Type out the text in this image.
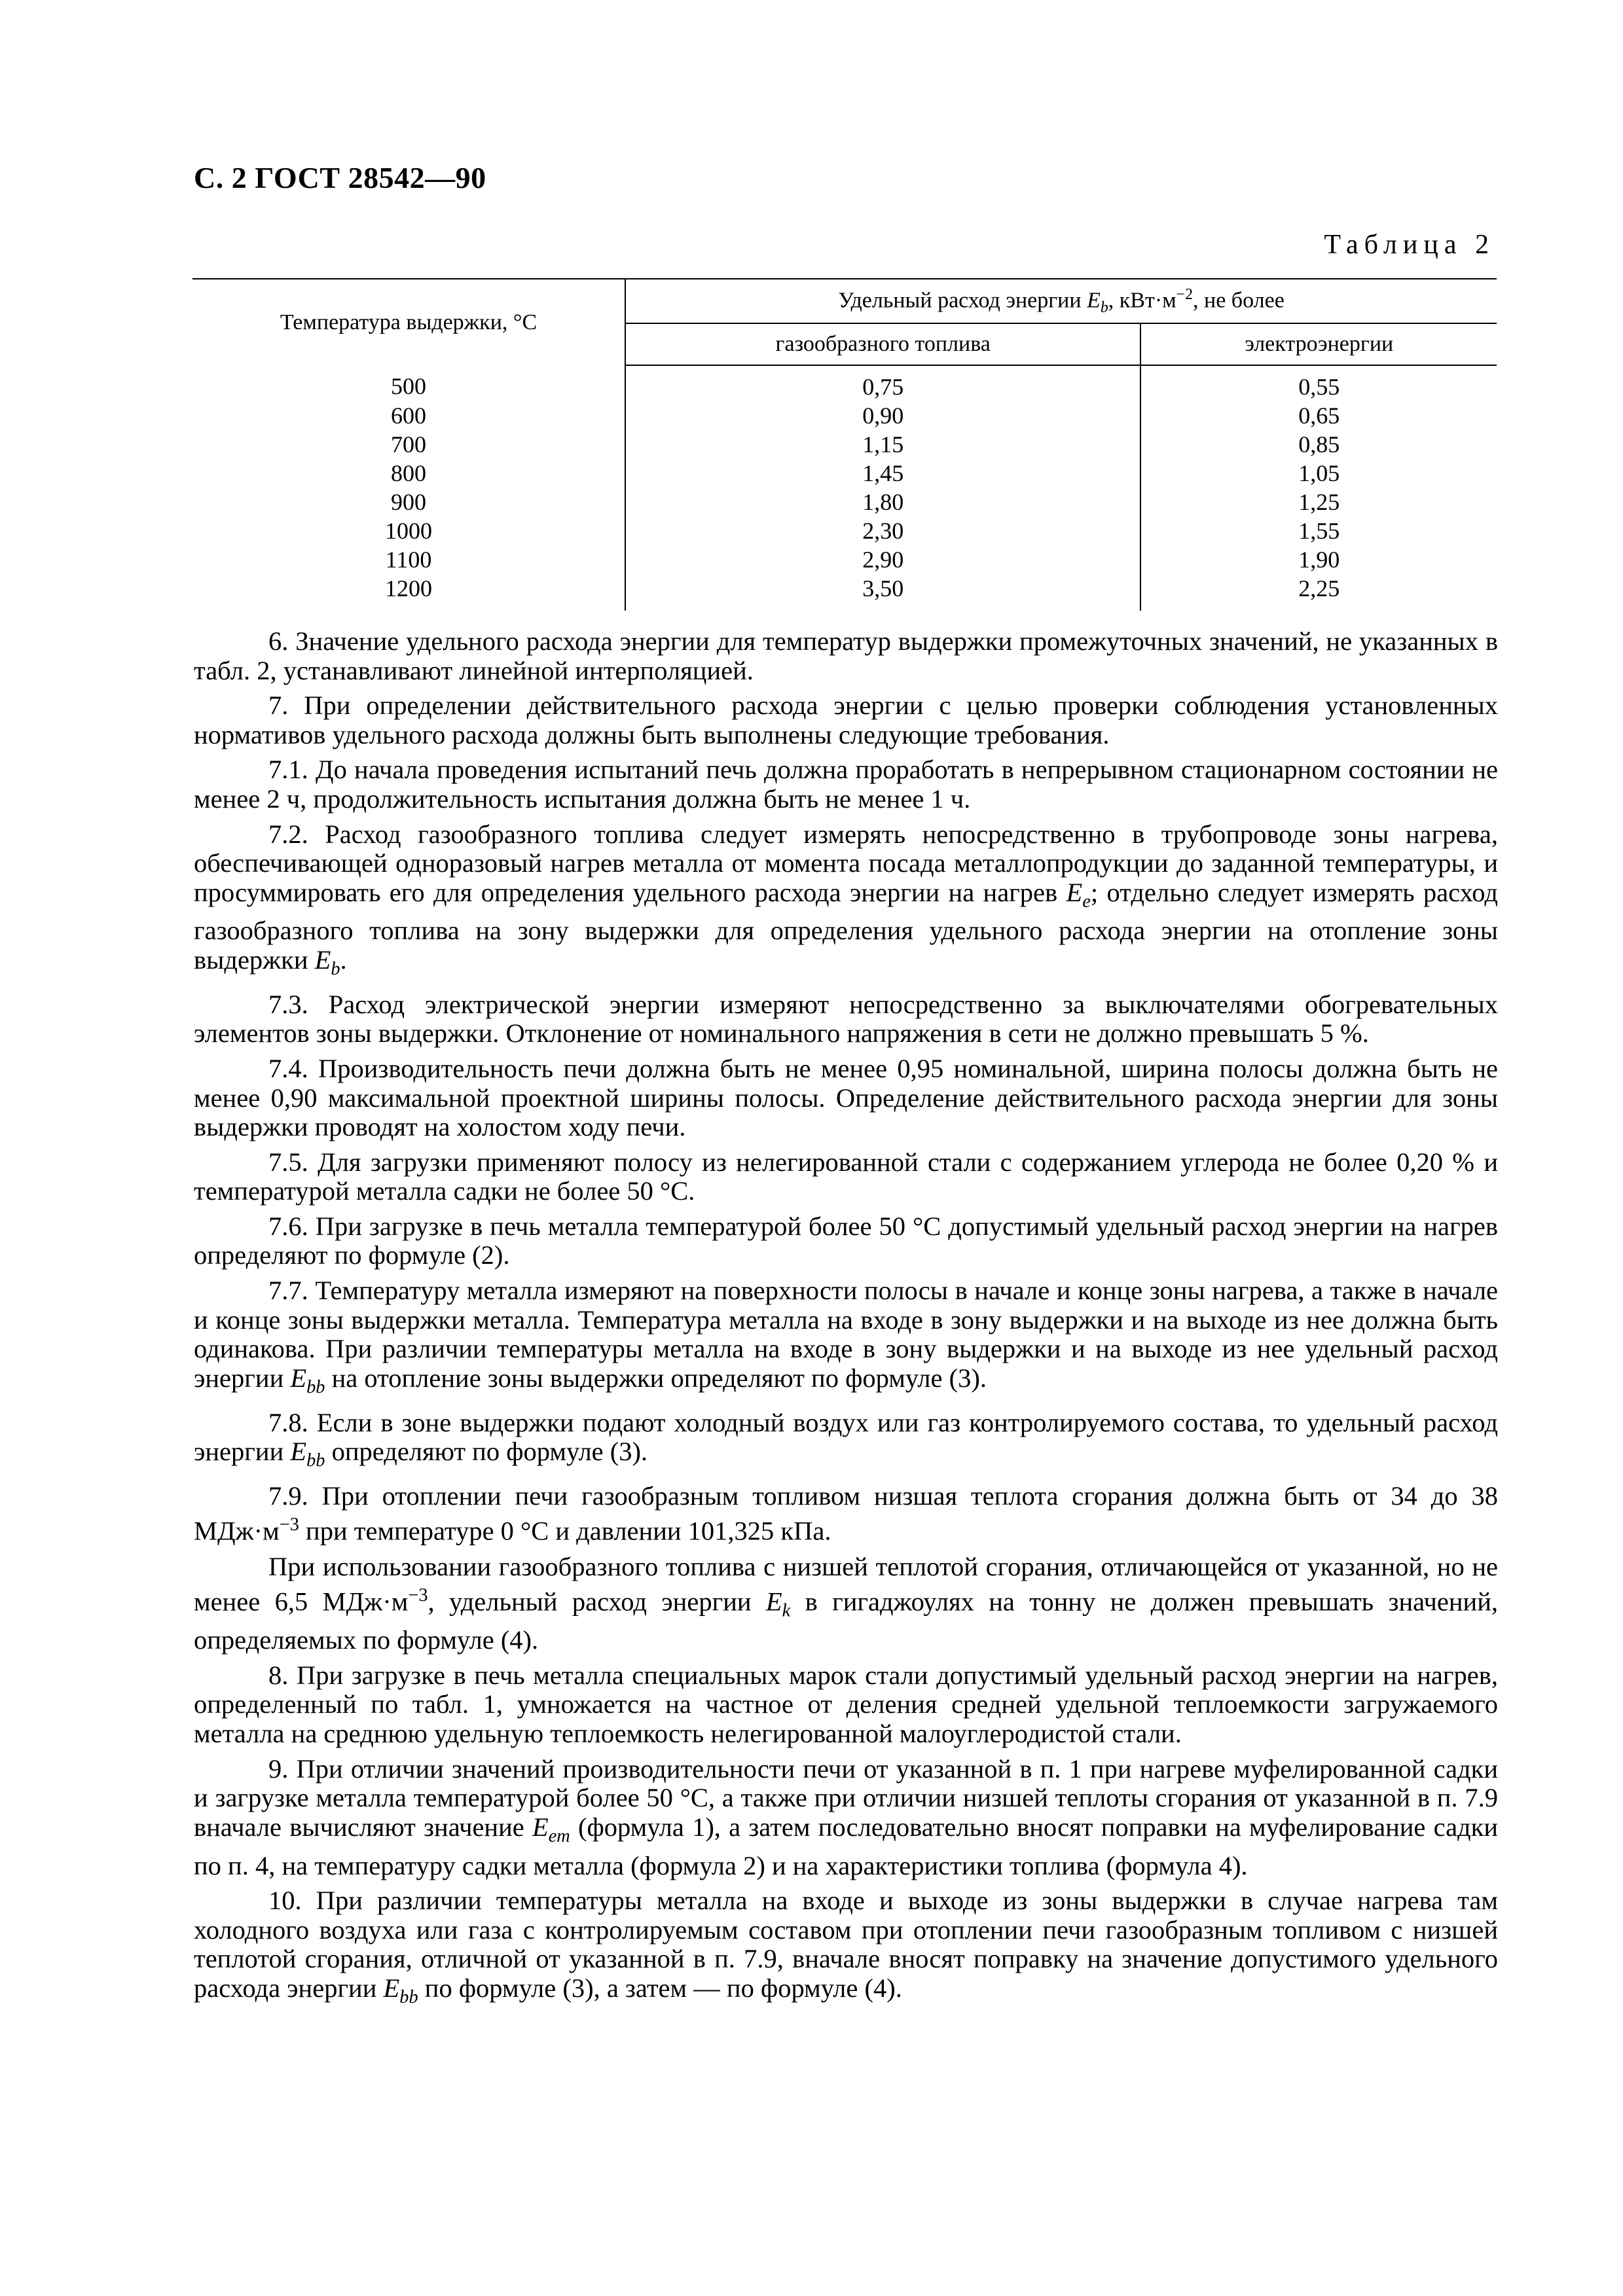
С. 2 ГОСТ 28542—90
Таблица 2
Температура выдержки, °С	Удельный расход энергии $E_b$, $кВт\cdot м^{-2}$, не более	
	газообразного топлива	электроэнергии
500	0,75	0,55
600	0,90	0,65
700	1,15	0,85
800	1,45	1,05
900	1,80	1,25
1000	2,30	1,55
1100	2,90	1,90
1200	3,50	2,25

6. Значение удельного расхода энергии для температур выдержки промежуточных значений, не указанных в табл. 2, устанавливают линейной интерполяцией.

7. При определении действительного расхода энергии с целью проверки соблюдения установленных нормативов удельного расхода должны быть выполнены следующие требования.

7.1. До начала проведения испытаний печь должна проработать в непрерывном стационарном состоянии не менее 2 ч, продолжительность испытания должна быть не менее 1 ч.

7.2. Расход газообразного топлива следует измерять непосредственно в трубопроводе зоны нагрева, обеспечивающей одноразовый нагрев металла от момента посада металлопродукции до заданной температуры, и просуммировать его для определения удельного расхода энергии на нагрев $E_e$; отдельно следует измерять расход газообразного топлива на зону выдержки для определения удельного расхода энергии на отопление зоны выдержки $E_b$.

7.3. Расход электрической энергии измеряют непосредственно за выключателями обогревательных элементов зоны выдержки. Отклонение от номинального напряжения в сети не должно превышать 5 %.

7.4. Производительность печи должна быть не менее 0,95 номинальной, ширина полосы должна быть не менее 0,90 максимальной проектной ширины полосы. Определение действительного расхода энергии для зоны выдержки проводят на холостом ходу печи.

7.5. Для загрузки применяют полосу из нелегированной стали с содержанием углерода не более 0,20 % и температурой металла садки не более 50 °С.

7.6. При загрузке в печь металла температурой более 50 °С допустимый удельный расход энергии на нагрев определяют по формуле (2).

7.7. Температуру металла измеряют на поверхности полосы в начале и конце зоны нагрева, а также в начале и конце зоны выдержки металла. Температура металла на входе в зону выдержки и на выходе из нее должна быть одинакова. При различии температуры металла на входе в зону выдержки и на выходе из нее удельный расход энергии $E_{bb}$ на отопление зоны выдержки определяют по формуле (3).

7.8. Если в зоне выдержки подают холодный воздух или газ контролируемого состава, то удельный расход энергии $E_{bb}$ определяют по формуле (3).

7.9. При отоплении печи газообразным топливом низшая теплота сгорания должна быть от 34 до 38 $МДж\cdot м^{-3}$ при температуре 0 °С и давлении 101,325 кПа.

При использовании газообразного топлива с низшей теплотой сгорания, отличающейся от указанной, но не менее 6,5 $МДж\cdot м^{-3}$, удельный расход энергии $E_k$ в гигаджоулях на тонну не должен превышать значений, определяемых по формуле (4).

8. При загрузке в печь металла специальных марок стали допустимый удельный расход энергии на нагрев, определенный по табл. 1, умножается на частное от деления средней удельной теплоемкости загружаемого металла на среднюю удельную теплоемкость нелегированной малоуглеродистой стали.

9. При отличии значений производительности печи от указанной в п. 1 при нагреве муфелированной садки и загрузке металла температурой более 50 °С, а также при отличии низшей теплоты сгорания от указанной в п. 7.9 вначале вычисляют значение $E_{em}$ (формула 1), а затем последовательно вносят поправки на муфелирование садки по п. 4, на температуру садки металла (формула 2) и на характеристики топлива (формула 4).

10. При различии температуры металла на входе и выходе из зоны выдержки в случае нагрева там холодного воздуха или газа с контролируемым составом при отоплении печи газообразным топливом с низшей теплотой сгорания, отличной от указанной в п. 7.9, вначале вносят поправку на значение допустимого удельного расхода энергии $E_{bb}$ по формуле (3), а затем — по формуле (4).
